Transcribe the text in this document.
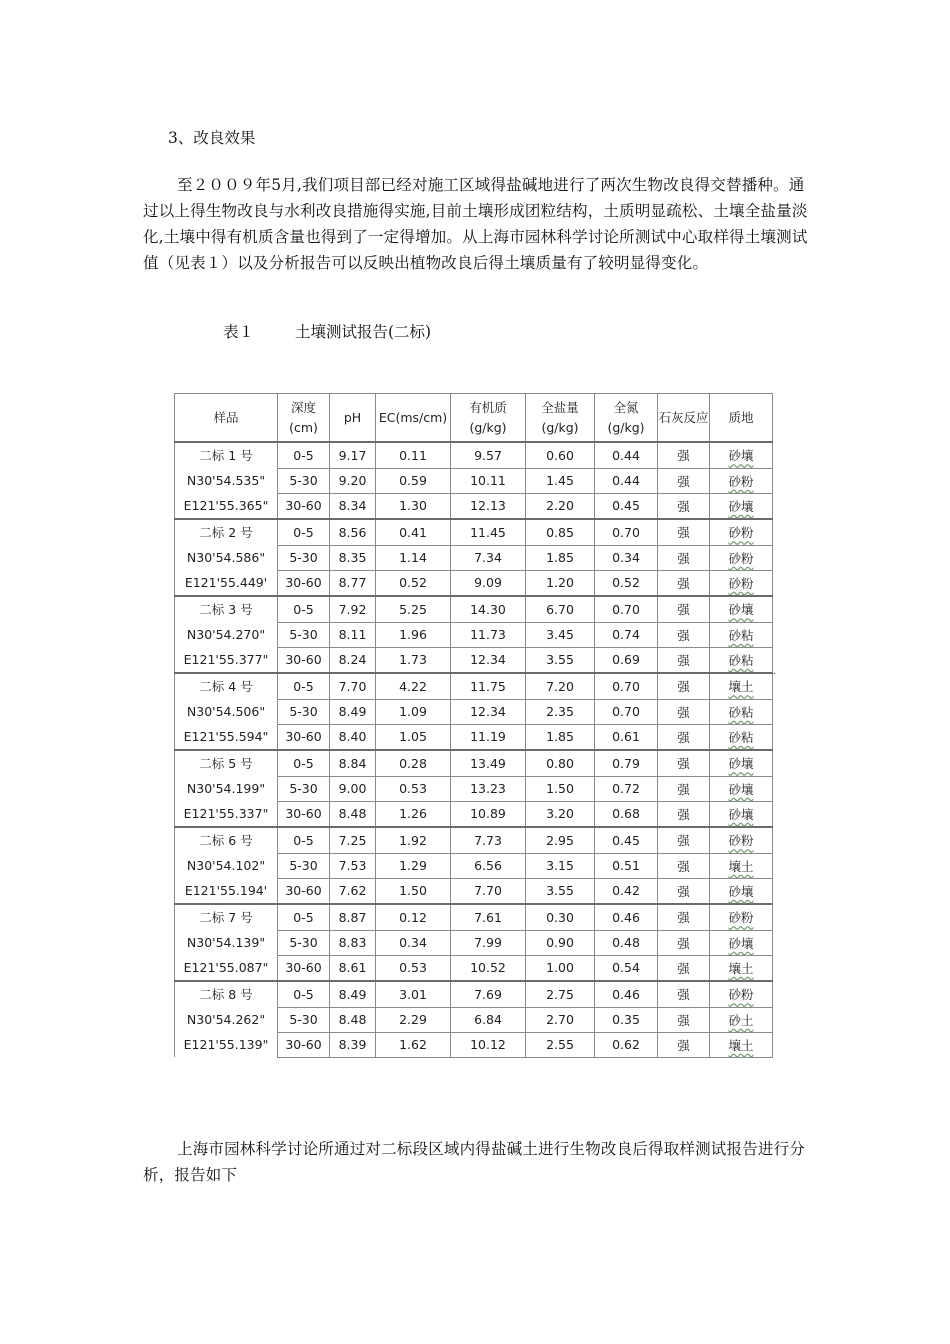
3、改良效果
至２００９年5月,我们项目部已经对施工区域得盐碱地进行了两次生物改良得交替播种。通过以上得生物改良与水利改良措施得实施,目前土壤形成团粒结构，土质明显疏松、土壤全盐量淡化,土壤中得有机质含量也得到了一定得增加。从上海市园林科学讨论所测试中心取样得土壤测试值（见表１）以及分析报告可以反映出植物改良后得土壤质量有了较明显得变化。
表１	土壤测试报告(二标)
样品	深度(cm)	pH	EC(ms/cm)	有机质(g/kg)	全盐量(g/kg)	全氮(g/kg)	石灰反应	质地
二标 1 号	0-5	9.17	0.11	9.57	0.60	0.44	强	砂壤
N30'54.535"	5-30	9.20	0.59	10.11	1.45	0.44	强	砂粉
E121'55.365"	30-60	8.34	1.30	12.13	2.20	0.45	强	砂壤
二标 2 号	0-5	8.56	0.41	11.45	0.85	0.70	强	砂粉
N30'54.586"	5-30	8.35	1.14	7.34	1.85	0.34	强	砂粉
E121'55.449'	30-60	8.77	0.52	9.09	1.20	0.52	强	砂粉
二标 3 号	0-5	7.92	5.25	14.30	6.70	0.70	强	砂壤
N30'54.270"	5-30	8.11	1.96	11.73	3.45	0.74	强	砂粘
E121'55.377"	30-60	8.24	1.73	12.34	3.55	0.69	强	砂粘
二标 4 号	0-5	7.70	4.22	11.75	7.20	0.70	强	壤土
N30'54.506"	5-30	8.49	1.09	12.34	2.35	0.70	强	砂粘
E121'55.594"	30-60	8.40	1.05	11.19	1.85	0.61	强	砂粘
二标 5 号	0-5	8.84	0.28	13.49	0.80	0.79	强	砂壤
N30'54.199"	5-30	9.00	0.53	13.23	1.50	0.72	强	砂壤
E121'55.337"	30-60	8.48	1.26	10.89	3.20	0.68	强	砂壤
二标 6 号	0-5	7.25	1.92	7.73	2.95	0.45	强	砂粉
N30'54.102"	5-30	7.53	1.29	6.56	3.15	0.51	强	壤土
E121'55.194'	30-60	7.62	1.50	7.70	3.55	0.42	强	砂壤
二标 7 号	0-5	8.87	0.12	7.61	0.30	0.46	强	砂粉
N30'54.139"	5-30	8.83	0.34	7.99	0.90	0.48	强	砂壤
E121'55.087"	30-60	8.61	0.53	10.52	1.00	0.54	强	壤土
二标 8 号	0-5	8.49	3.01	7.69	2.75	0.46	强	砂粉
N30'54.262"	5-30	8.48	2.29	6.84	2.70	0.35	强	砂土
E121'55.139"	30-60	8.39	1.62	10.12	2.55	0.62	强	壤土
.
上海市园林科学讨论所通过对二标段区域内得盐碱土进行生物改良后得取样测试报告进行分析，报告如下
